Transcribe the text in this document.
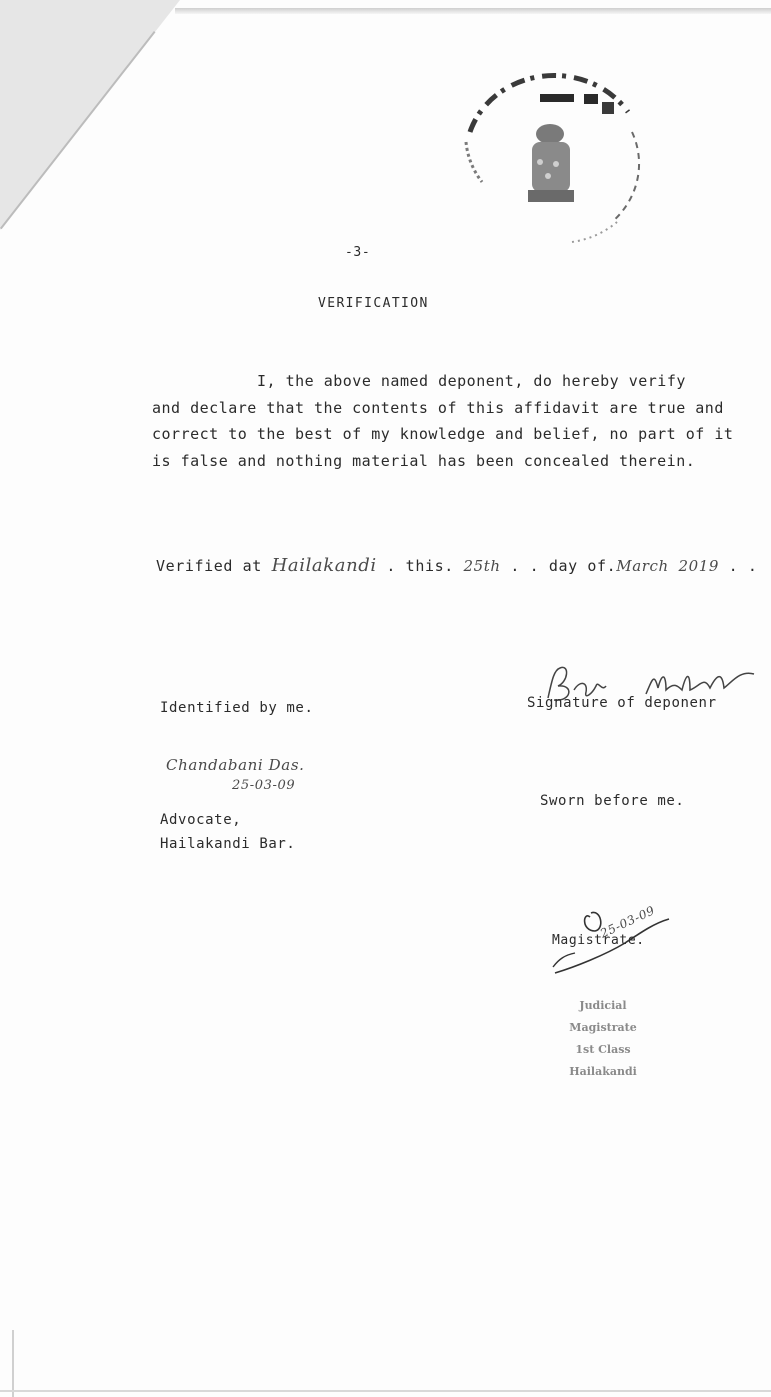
-3-
VERIFICATION
I, the above named deponent, do hereby verify
and declare that the contents of this affidavit are true and correct to the best of my knowledge and belief, no part of it is false and nothing material has been concealed therein.
Verified at Hailakandi . this. 25th . . day of.March 2019 . .
Identified by me.	Signature of deponenr
Chandabani Das.
25-03-09
Advocate,
Hailakandi Bar.
Sworn before me.
Magistrate.
25-03-09
Judicial Magistrate
1st Class
Hailakandi
